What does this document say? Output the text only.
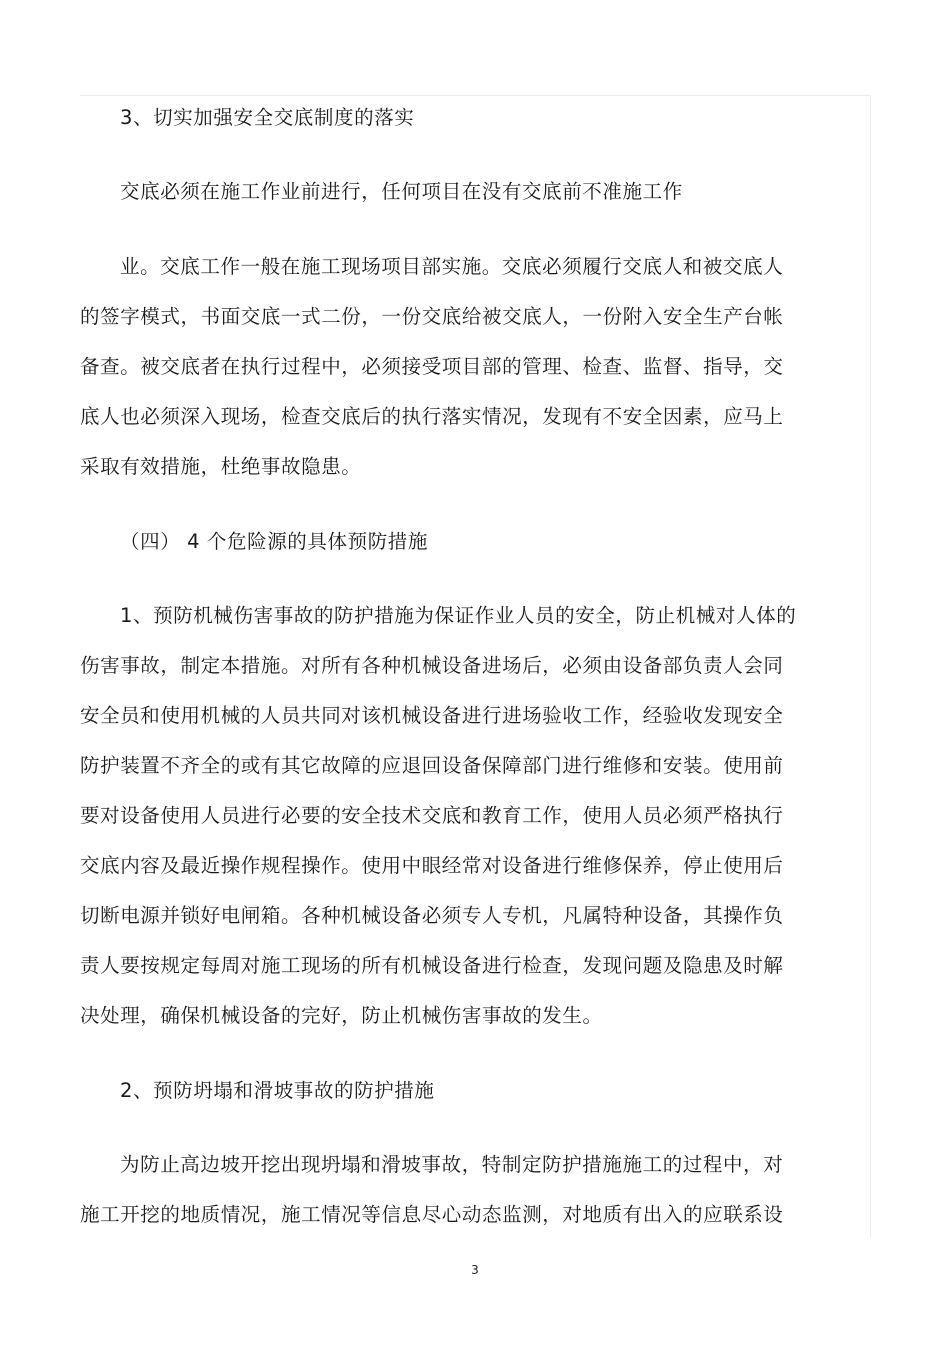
3、切实加强安全交底制度的落实
交底必须在施工作业前进行，任何项目在没有交底前不准施工作
业。交底工作一般在施工现场项目部实施。交底必须履行交底人和被交底人
的签字模式，书面交底一式二份，一份交底给被交底人，一份附入安全生产台帐
备查。被交底者在执行过程中，必须接受项目部的管理、检查、监督、指导，交
底人也必须深入现场，检查交底后的执行落实情况，发现有不安全因素，应马上
采取有效措施，杜绝事故隐患。
（四） 4 个危险源的具体预防措施
1、预防机械伤害事故的防护措施为保证作业人员的安全，防止机械对人体的
伤害事故，制定本措施。对所有各种机械设备进场后，必须由设备部负责人会同
安全员和使用机械的人员共同对该机械设备进行进场验收工作，经验收发现安全
防护装置不齐全的或有其它故障的应退回设备保障部门进行维修和安装。使用前
要对设备使用人员进行必要的安全技术交底和教育工作，使用人员必须严格执行
交底内容及最近操作规程操作。使用中眼经常对设备进行维修保养，停止使用后
切断电源并锁好电闸箱。各种机械设备必须专人专机，凡属特种设备，其操作负
责人要按规定每周对施工现场的所有机械设备进行检查，发现问题及隐患及时解
决处理，确保机械设备的完好，防止机械伤害事故的发生。
2、预防坍塌和滑坡事故的防护措施
为防止高边坡开挖出现坍塌和滑坡事故，特制定防护措施施工的过程中，对
施工开挖的地质情况，施工情况等信息尽心动态监测，对地质有出入的应联系设
3
